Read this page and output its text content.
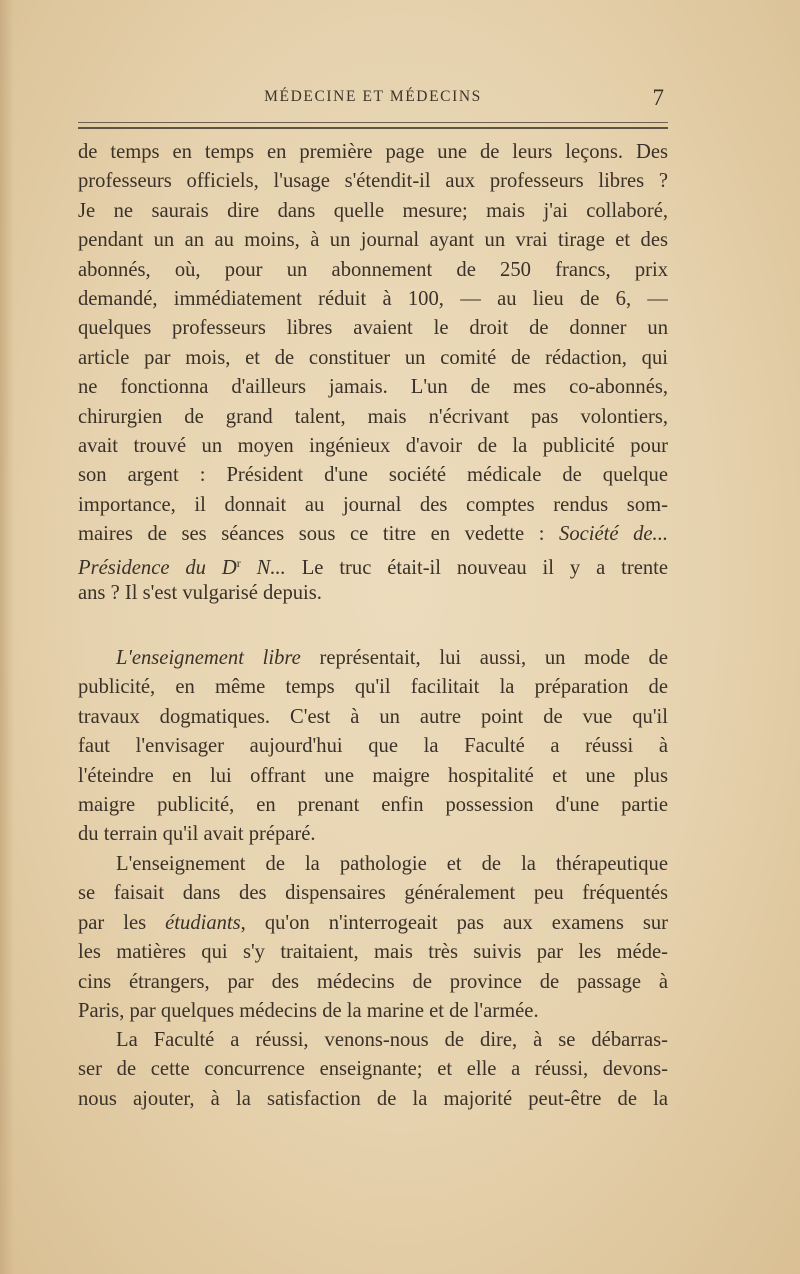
MÉDECINE ET MÉDECINS	7
de temps en temps en première page une de leurs leçons. Des
professeurs officiels, l'usage s'étendit-il aux professeurs libres ?
Je ne saurais dire dans quelle mesure; mais j'ai collaboré,
pendant un an au moins, à un journal ayant un vrai tirage et des
abonnés, où, pour un abonnement de 250 francs, prix
demandé, immédiatement réduit à 100, — au lieu de 6, —
quelques professeurs libres avaient le droit de donner un
article par mois, et de constituer un comité de rédaction, qui
ne fonctionna d'ailleurs jamais. L'un de mes co-abonnés,
chirurgien de grand talent, mais n'écrivant pas volontiers,
avait trouvé un moyen ingénieux d'avoir de la publicité pour
son argent : Président d'une société médicale de quelque
importance, il donnait au journal des comptes rendus som-
maires de ses séances sous ce titre en vedette : Société de...
Présidence du $D^r$ N... Le truc était-il nouveau il y a trente
ans ? Il s'est vulgarisé depuis.
L'enseignement libre représentait, lui aussi, un mode de
publicité, en même temps qu'il facilitait la préparation de
travaux dogmatiques. C'est à un autre point de vue qu'il
faut l'envisager aujourd'hui que la Faculté a réussi à
l'éteindre en lui offrant une maigre hospitalité et une plus
maigre publicité, en prenant enfin possession d'une partie
du terrain qu'il avait préparé.
L'enseignement de la pathologie et de la thérapeutique
se faisait dans des dispensaires généralement peu fréquentés
par les étudiants, qu'on n'interrogeait pas aux examens sur
les matières qui s'y traitaient, mais très suivis par les méde-
cins étrangers, par des médecins de province de passage à
Paris, par quelques médecins de la marine et de l'armée.
La Faculté a réussi, venons-nous de dire, à se débarras-
ser de cette concurrence enseignante; et elle a réussi, devons-
nous ajouter, à la satisfaction de la majorité peut-être de la
